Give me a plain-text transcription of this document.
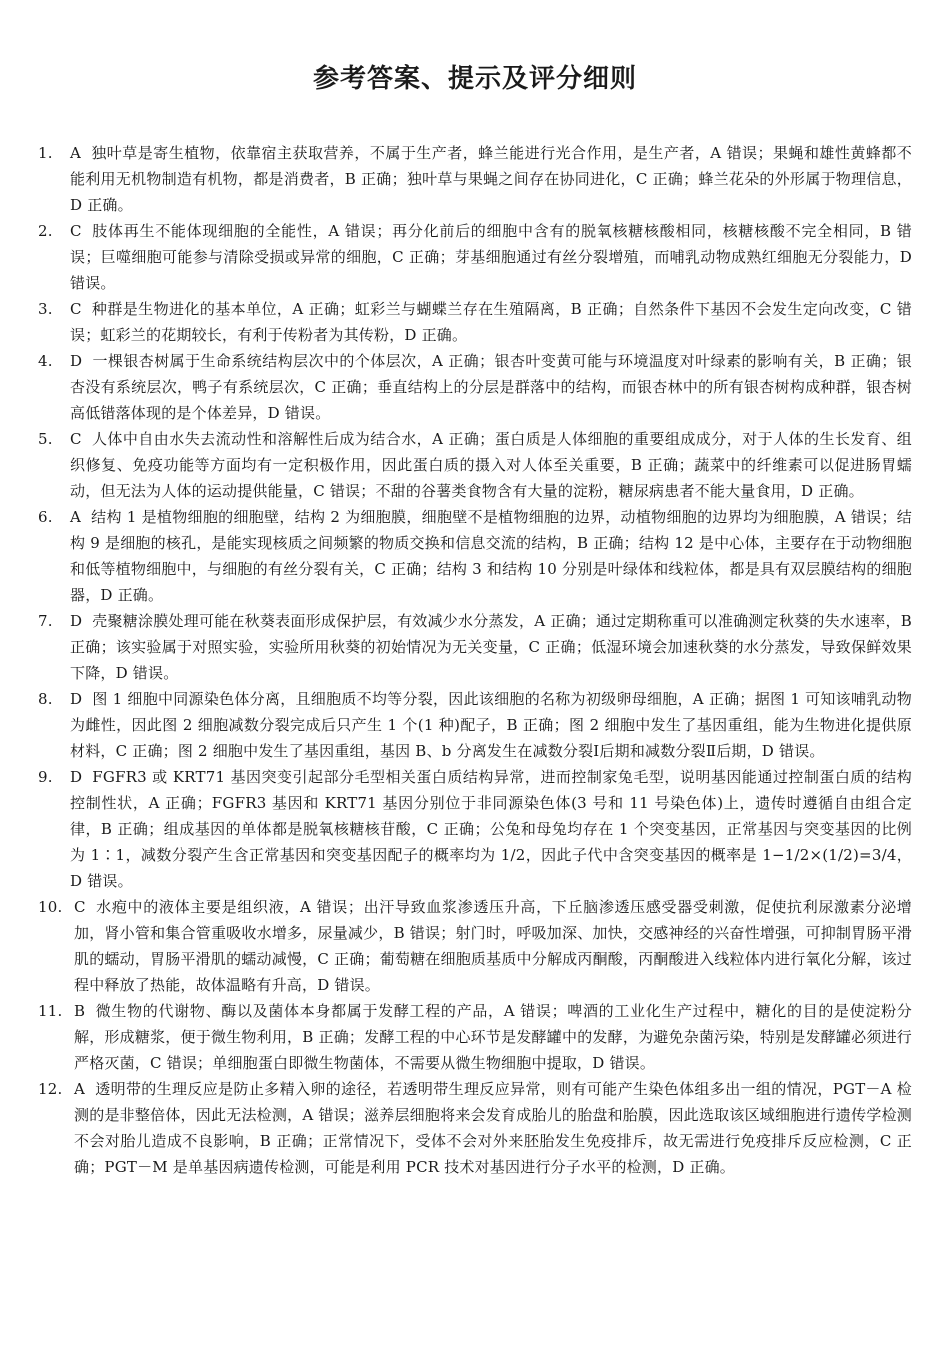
参考答案、提示及评分细则
1.	A 独叶草是寄生植物，依靠宿主获取营养，不属于生产者，蜂兰能进行光合作用，是生产者，A 错误；果蝇和雄性黄蜂都不能利用无机物制造有机物，都是消费者，B 正确；独叶草与果蝇之间存在协同进化，C 正确；蜂兰花朵的外形属于物理信息，D 正确。
2.	C 肢体再生不能体现细胞的全能性，A 错误；再分化前后的细胞中含有的脱氧核糖核酸相同，核糖核酸不完全相同，B 错误；巨噬细胞可能参与清除受损或异常的细胞，C 正确；芽基细胞通过有丝分裂增殖，而哺乳动物成熟红细胞无分裂能力，D 错误。
3.	C 种群是生物进化的基本单位，A 正确；虹彩兰与蝴蝶兰存在生殖隔离，B 正确；自然条件下基因不会发生定向改变，C 错误；虹彩兰的花期较长，有利于传粉者为其传粉，D 正确。
4.	D 一棵银杏树属于生命系统结构层次中的个体层次，A 正确；银杏叶变黄可能与环境温度对叶绿素的影响有关，B 正确；银杏没有系统层次，鸭子有系统层次，C 正确；垂直结构上的分层是群落中的结构，而银杏林中的所有银杏树构成种群，银杏树高低错落体现的是个体差异，D 错误。
5.	C 人体中自由水失去流动性和溶解性后成为结合水，A 正确；蛋白质是人体细胞的重要组成成分，对于人体的生长发育、组织修复、免疫功能等方面均有一定积极作用，因此蛋白质的摄入对人体至关重要，B 正确；蔬菜中的纤维素可以促进肠胃蠕动，但无法为人体的运动提供能量，C 错误；不甜的谷薯类食物含有大量的淀粉，糖尿病患者不能大量食用，D 正确。
6.	A 结构 1 是植物细胞的细胞壁，结构 2 为细胞膜，细胞壁不是植物细胞的边界，动植物细胞的边界均为细胞膜，A 错误；结构 9 是细胞的核孔，是能实现核质之间频繁的物质交换和信息交流的结构，B 正确；结构 12 是中心体，主要存在于动物细胞和低等植物细胞中，与细胞的有丝分裂有关，C 正确；结构 3 和结构 10 分别是叶绿体和线粒体，都是具有双层膜结构的细胞器，D 正确。
7.	D 壳聚糖涂膜处理可能在秋葵表面形成保护层，有效减少水分蒸发，A 正确；通过定期称重可以准确测定秋葵的失水速率，B 正确；该实验属于对照实验，实验所用秋葵的初始情况为无关变量，C 正确；低湿环境会加速秋葵的水分蒸发，导致保鲜效果下降，D 错误。
8.	D 图 1 细胞中同源染色体分离，且细胞质不均等分裂，因此该细胞的名称为初级卵母细胞，A 正确；据图 1 可知该哺乳动物为雌性，因此图 2 细胞减数分裂完成后只产生 1 个(1 种)配子，B 正确；图 2 细胞中发生了基因重组，能为生物进化提供原材料，C 正确；图 2 细胞中发生了基因重组，基因 B、b 分离发生在减数分裂Ⅰ后期和减数分裂Ⅱ后期，D 错误。
9.	D FGFR3 或 KRT71 基因突变引起部分毛型相关蛋白质结构异常，进而控制家兔毛型，说明基因能通过控制蛋白质的结构控制性状，A 正确；FGFR3 基因和 KRT71 基因分别位于非同源染色体(3 号和 11 号染色体)上，遗传时遵循自由组合定律，B 正确；组成基因的单体都是脱氧核糖核苷酸，C 正确；公兔和母兔均存在 1 个突变基因，正常基因与突变基因的比例为 1∶1，减数分裂产生含正常基因和突变基因配子的概率均为 1/2，因此子代中含突变基因的概率是 1−1/2×(1/2)=3/4，D 错误。
10. C 水疱中的液体主要是组织液，A 错误；出汗导致血浆渗透压升高，下丘脑渗透压感受器受刺激，促使抗利尿激素分泌增加，肾小管和集合管重吸收水增多，尿量减少，B 错误；射门时，呼吸加深、加快，交感神经的兴奋性增强，可抑制胃肠平滑肌的蠕动，胃肠平滑肌的蠕动减慢，C 正确；葡萄糖在细胞质基质中分解成丙酮酸，丙酮酸进入线粒体内进行氧化分解，该过程中释放了热能，故体温略有升高，D 错误。
11. B 微生物的代谢物、酶以及菌体本身都属于发酵工程的产品，A 错误；啤酒的工业化生产过程中，糖化的目的是使淀粉分解，形成糖浆，便于微生物利用，B 正确；发酵工程的中心环节是发酵罐中的发酵，为避免杂菌污染，特别是发酵罐必须进行严格灭菌，C 错误；单细胞蛋白即微生物菌体，不需要从微生物细胞中提取，D 错误。
12. A 透明带的生理反应是防止多精入卵的途径，若透明带生理反应异常，则有可能产生染色体组多出一组的情况，PGT－A 检测的是非整倍体，因此无法检测，A 错误；滋养层细胞将来会发育成胎儿的胎盘和胎膜，因此选取该区域细胞进行遗传学检测不会对胎儿造成不良影响，B 正确；正常情况下，受体不会对外来胚胎发生免疫排斥，故无需进行免疫排斥反应检测，C 正确；PGT－M 是单基因病遗传检测，可能是利用 PCR 技术对基因进行分子水平的检测，D 正确。
